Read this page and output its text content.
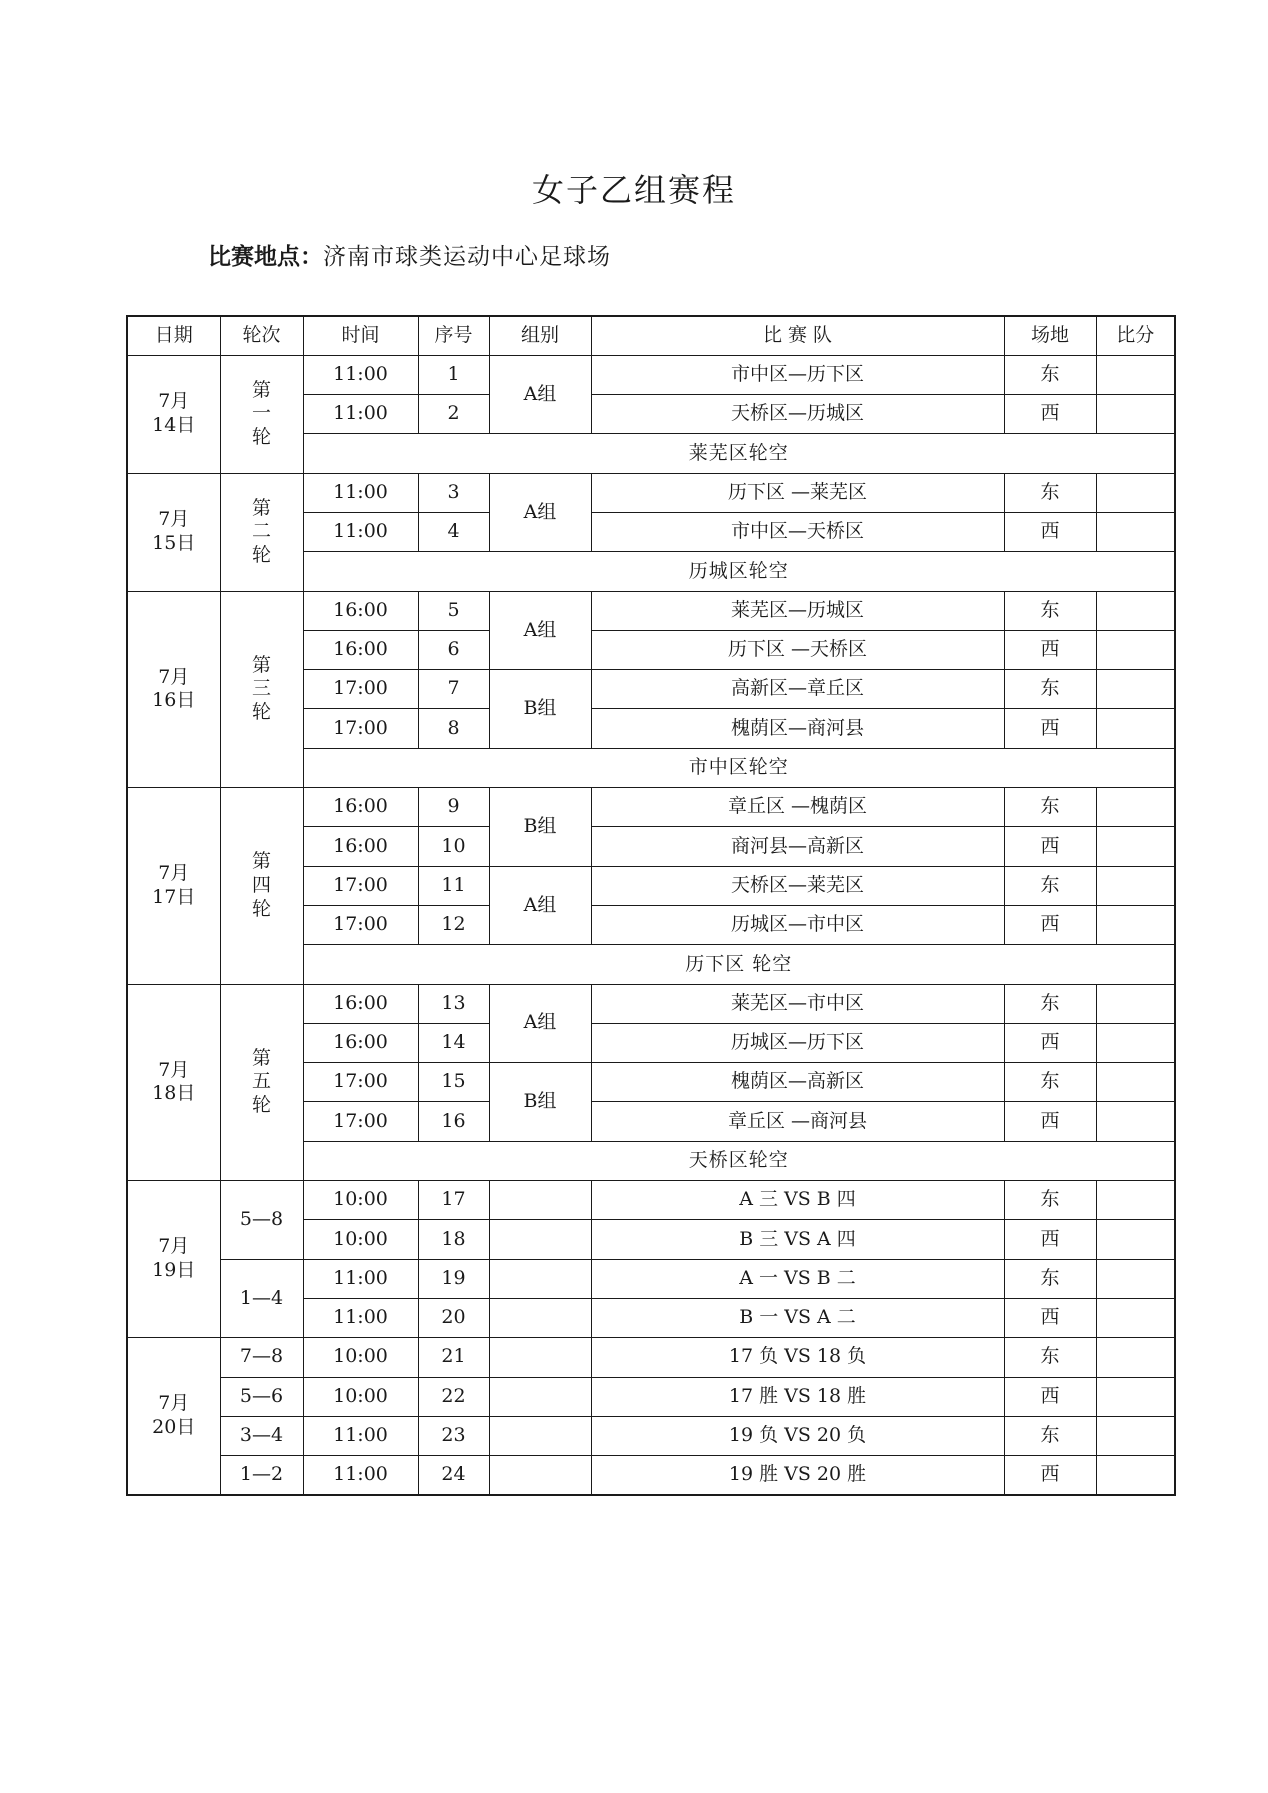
女子乙组赛程
比赛地点：济南市球类运动中心足球场
日期	轮次	时间	序号	组别	比 赛 队	场地	比分
7月
14日	第
一
轮	11:00	1	A组	市中区—历下区	东	
		11:00	2		天桥区—历城区	西	
		莱芜区轮空					
7月
15日	第
二
轮	11:00	3	A组	历下区 —莱芜区	东	
		11:00	4		市中区—天桥区	西	
		历城区轮空					
7月
16日	第
三
轮	16:00	5	A组	莱芜区—历城区	东	
		16:00	6		历下区 —天桥区	西	
		17:00	7	B组	高新区—章丘区	东	
		17:00	8		槐荫区—商河县	西	
		市中区轮空					
7月
17日	第
四
轮	16:00	9	B组	章丘区 —槐荫区	东	
		16:00	10		商河县—高新区	西	
		17:00	11	A组	天桥区—莱芜区	东	
		17:00	12		历城区—市中区	西	
		历下区 轮空					
7月
18日	第
五
轮	16:00	13	A组	莱芜区—市中区	东	
		16:00	14		历城区—历下区	西	
		17:00	15	B组	槐荫区—高新区	东	
		17:00	16		章丘区 —商河县	西	
		天桥区轮空					
7月
19日	5—8	10:00	17		A 三 VS B 四	东	
		10:00	18		B 三 VS A 四	西	
	1—4	11:00	19		A 一 VS B 二	东	
		11:00	20		B 一 VS A 二	西	
7月
20日	7—8	10:00	21		17 负 VS 18 负	东	
	5—6	10:00	22		17 胜 VS 18 胜	西	
	3—4	11:00	23		19 负 VS 20 负	东	
	1—2	11:00	24		19 胜 VS 20 胜	西	
